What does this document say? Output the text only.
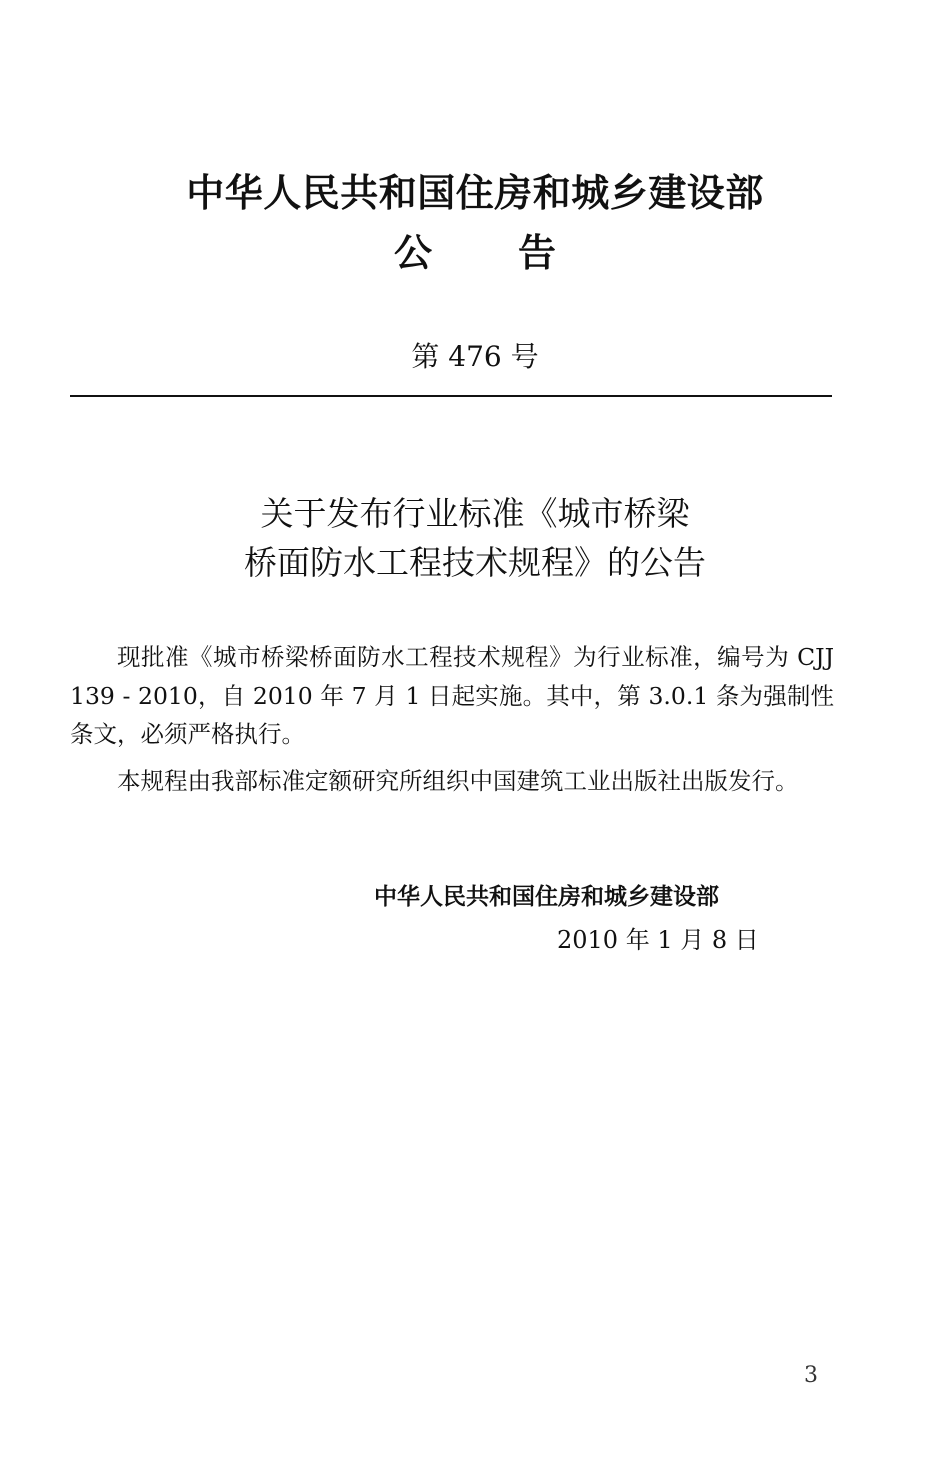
中华人民共和国住房和城乡建设部
公告
第 476 号
关于发布行业标准《城市桥梁
桥面防水工程技术规程》的公告

现批准《城市桥梁桥面防水工程技术规程》为行业标准，编号为 CJJ 139 - 2010，自 2010 年 7 月 1 日起实施。其中，第 3.0.1 条为强制性条文，必须严格执行。

本规程由我部标准定额研究所组织中国建筑工业出版社出版发行。

中华人民共和国住房和城乡建设部
2010 年 1 月 8 日
3
